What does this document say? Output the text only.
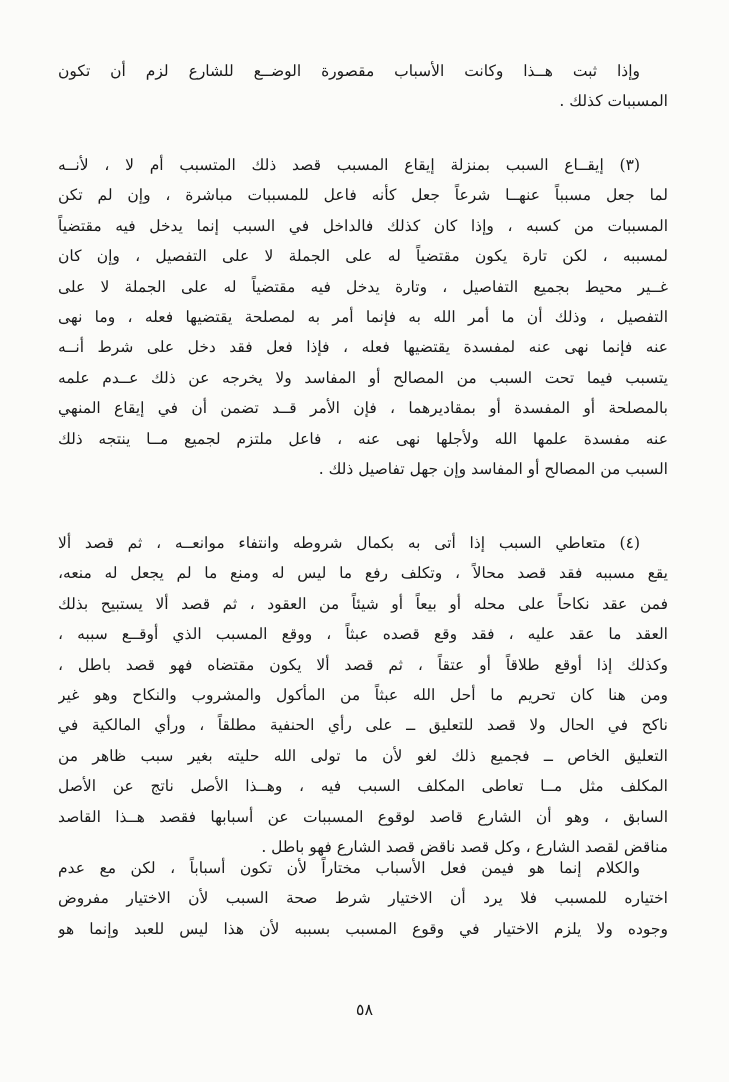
وإذا ثبت هــذا وكانت الأسباب مقصورة الوضــع للشارع لزم أن تكون
المسببات كذلك .
(٣) إيقــاع السبب بمنزلة إيقاع المسبب قصد ذلك المتسبب أم لا ، لأنــه
لما جعل مسبباً عنهــا شرعاً جعل كأنه فاعل للمسببات مباشرة ، وإن لم تكن
المسببات من كسبه ، وإذا كان كذلك فالداخل في السبب إنما يدخل فيه مقتضياً
لمسببه ، لكن تارة يكون مقتضياً له على الجملة لا على التفصيل ، وإن كان
غــير محيط بجميع التفاصيل ، وتارة يدخل فيه مقتضياً له على الجملة لا على
التفصيل ، وذلك أن ما أمر الله به فإنما أمر به لمصلحة يقتضيها فعله ، وما نهى
عنه فإنما نهى عنه لمفسدة يقتضيها فعله ، فإذا فعل فقد دخل على شرط أنــه
يتسبب فيما تحت السبب من المصالح أو المفاسد ولا يخرجه عن ذلك عــدم علمه
بالمصلحة أو المفسدة أو بمقاديرهما ، فإن الأمر قــد تضمن أن في إيقاع المنهي
عنه مفسدة علمها الله ولأجلها نهى عنه ، فاعل ملتزم لجميع مــا ينتجه ذلك
السبب من المصالح أو المفاسد وإن جهل تفاصيل ذلك .
(٤) متعاطي السبب إذا أتى به بكمال شروطه وانتفاء موانعــه ، ثم قصد ألا
يقع مسببه فقد قصد محالاً ، وتكلف رفع ما ليس له ومنع ما لم يجعل له منعه،
فمن عقد نكاحاً على محله أو بيعاً أو شيئاً من العقود ، ثم قصد ألا يستبيح بذلك
العقد ما عقد عليه ، فقد وقع قصده عبثاً ، ووقع المسبب الذي أوقــع سببه ،
وكذلك إذا أوقع طلاقاً أو عتقاً ، ثم قصد ألا يكون مقتضاه فهو قصد باطل ،
ومن هنا كان تحريم ما أحل الله عبثاً من المأكول والمشروب والنكاح وهو غير
ناكح في الحال ولا قصد للتعليق ــ على رأي الحنفية مطلقاً ، ورأي المالكية في
التعليق الخاص ــ فجميع ذلك لغو لأن ما تولى الله حليته بغير سبب ظاهر من
المكلف مثل مــا تعاطى المكلف السبب فيه ، وهــذا الأصل ناتج عن الأصل
السابق ، وهو أن الشارع قاصد لوقوع المسببات عن أسبابها فقصد هــذا القاصد
مناقض لقصد الشارع ، وكل قصد ناقض قصد الشارع فهو باطل .
والكلام إنما هو فيمن فعل الأسباب مختاراً لأن تكون أسباباً ، لكن مع عدم
اختياره للمسبب فلا يرد أن الاختيار شرط صحة السبب لأن الاختيار مفروض
وجوده ولا يلزم الاختيار في وقوع المسبب بسببه لأن هذا ليس للعبد وإنما هو
٥٨
